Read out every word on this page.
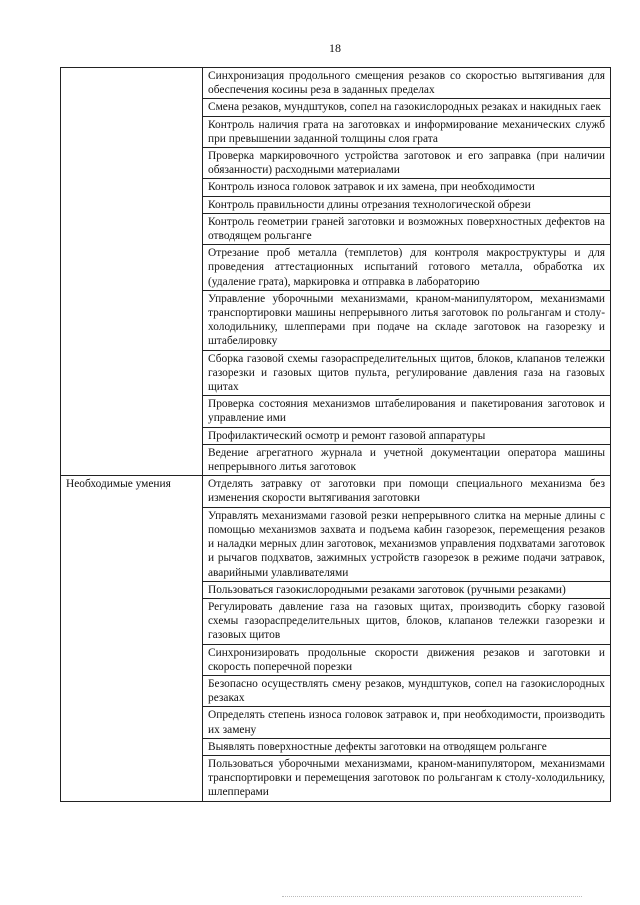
18
	Синхронизация продольного смещения резаков со скоростью вытягивания для обеспечения косины реза в заданных пределах
	Смена резаков, мундштуков, сопел на газокислородных резаках и накидных гаек
	Контроль наличия грата на заготовках и информирование механических служб при превышении заданной толщины слоя грата
	Проверка маркировочного устройства заготовок и его заправка (при наличии обязанности) расходными материалами
	Контроль износа головок затравок и их замена, при необходимости
	Контроль правильности длины отрезания технологической обрези
	Контроль геометрии граней заготовки и возможных поверхностных дефектов на отводящем рольганге
	Отрезание проб металла (темплетов) для контроля макроструктуры и для проведения аттестационных испытаний готового металла, обработка их (удаление грата), маркировка и отправка в лабораторию
	Управление уборочными механизмами, краном-манипулятором, механизмами транспортировки машины непрерывного литья заготовок по рольгангам и столу-холодильнику, шлепперами при подаче на складе заготовок на газорезку и штабелировку
	Сборка газовой схемы газораспределительных щитов, блоков, клапанов тележки газорезки и газовых щитов пульта, регулирование давления газа на газовых щитах
	Проверка состояния механизмов штабелирования и пакетирования заготовок и управление ими
	Профилактический осмотр и ремонт газовой аппаратуры
	Ведение агрегатного журнала и учетной документации оператора машины непрерывного литья заготовок
Необходимые умения	Отделять затравку от заготовки при помощи специального механизма без изменения скорости вытягивания заготовки
	Управлять механизмами газовой резки непрерывного слитка на мерные длины с помощью механизмов захвата и подъема кабин газорезок, перемещения резаков и наладки мерных длин заготовок, механизмов управления подхватами заготовок и рычагов подхватов, зажимных устройств газорезок в режиме подачи затравок, аварийными улавливателями
	Пользоваться газокислородными резаками заготовок (ручными резаками)
	Регулировать давление газа на газовых щитах, производить сборку газовой схемы газораспределительных щитов, блоков, клапанов тележки газорезки и газовых щитов
	Синхронизировать продольные скорости движения резаков и заготовки и скорость поперечной порезки
	Безопасно осуществлять смену резаков, мундштуков, сопел на газокислородных резаках
	Определять степень износа головок затравок и, при необходимости, производить их замену
	Выявлять поверхностные дефекты заготовки на отводящем рольганге
	Пользоваться уборочными механизмами, краном-манипулятором, механизмами транспортировки и перемещения заготовок по рольгангам к столу-холодильнику, шлепперами
